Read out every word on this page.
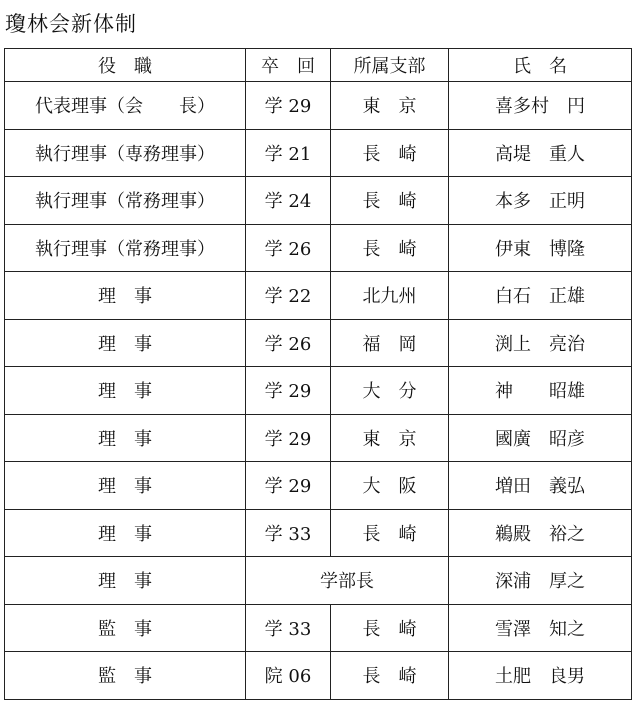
瓊林会新体制
役　職	卒　回	所属支部	氏　名
代表理事（会　　長）	学 29	東　京	喜多村　円
執行理事（専務理事）	学 21	長　崎	高堤　重人
執行理事（常務理事）	学 24	長　崎	本多　正明
執行理事（常務理事）	学 26	長　崎	伊東　博隆
理　事	学 22	北九州	白石　正雄
理　事	学 26	福　岡	渕上　亮治
理　事	学 29	大　分	神　　昭雄
理　事	学 29	東　京	國廣　昭彦
理　事	学 29	大　阪	増田　義弘
理　事	学 33	長　崎	鵜殿　裕之
理　事	学部長		深浦　厚之
監　事	学 33	長　崎	雪澤　知之
監　事	院 06	長　崎	土肥　良男
